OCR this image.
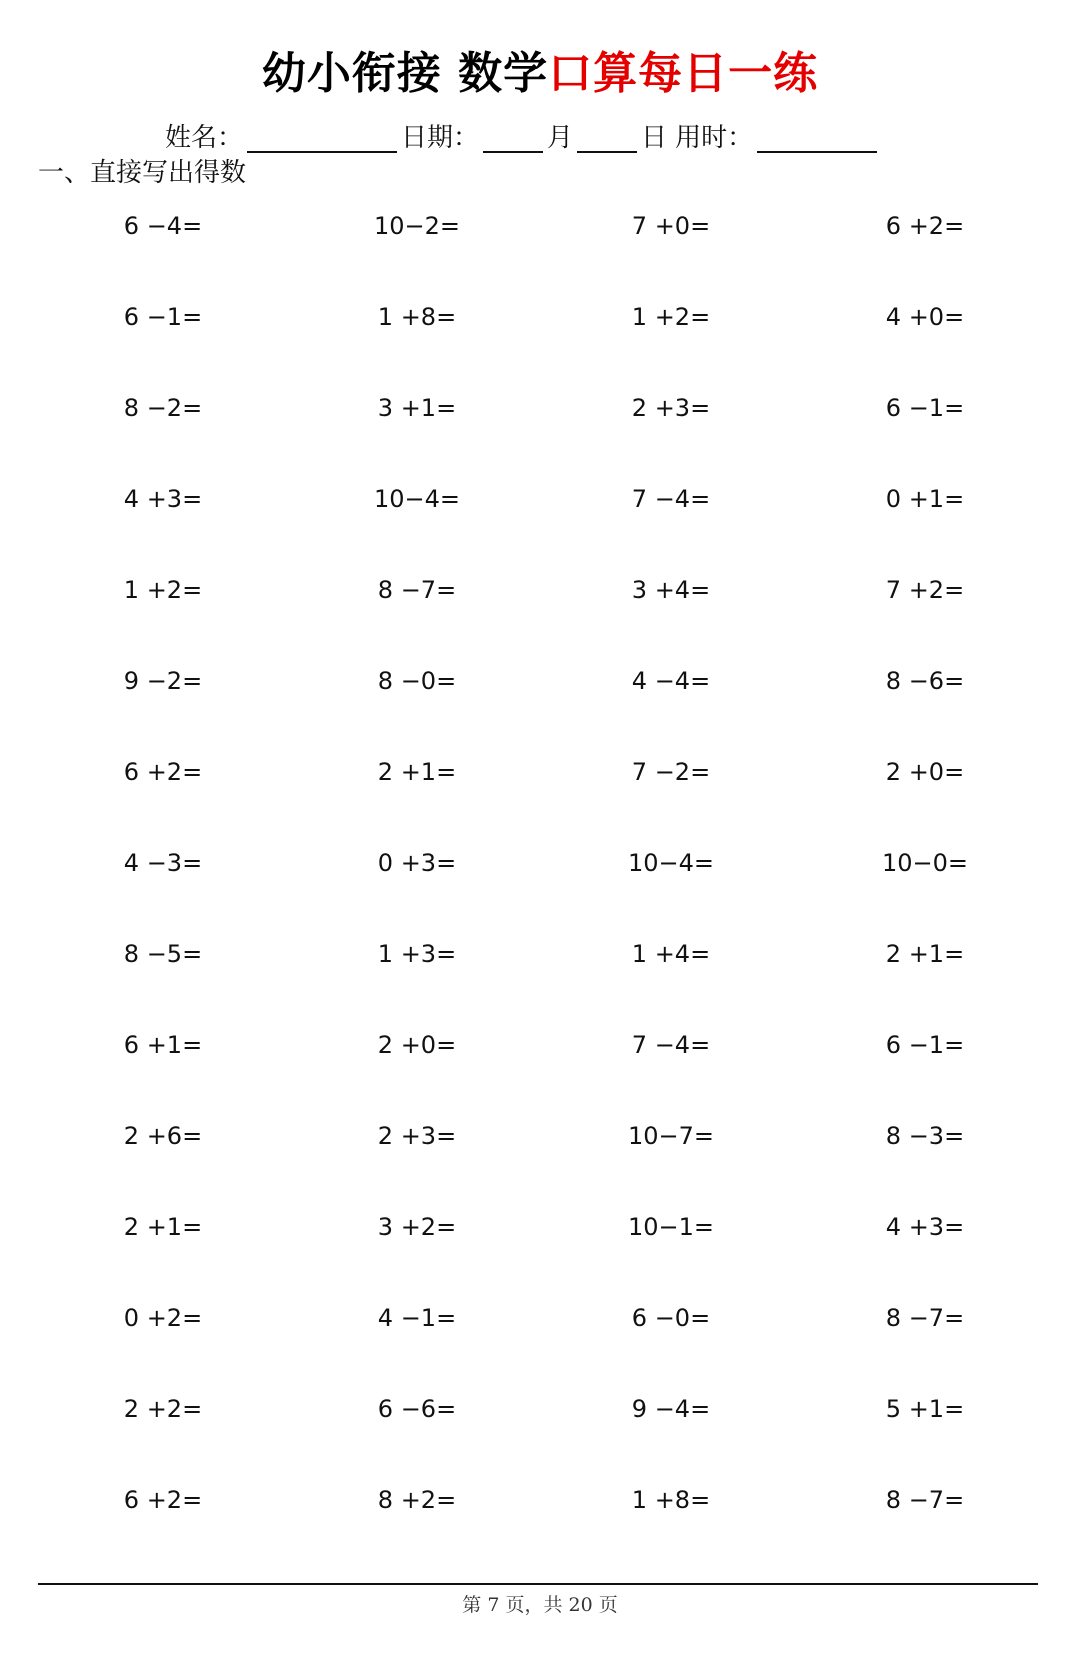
幼小衔接 数学口算每日一练
姓名：	日期：	月	日 用时：
一、直接写出得数
6 −4=	10−2=	7 +0=	6 +2=
6 −1=	1 +8=	1 +2=	4 +0=
8 −2=	3 +1=	2 +3=	6 −1=
4 +3=	10−4=	7 −4=	0 +1=
1 +2=	8 −7=	3 +4=	7 +2=
9 −2=	8 −0=	4 −4=	8 −6=
6 +2=	2 +1=	7 −2=	2 +0=
4 −3=	0 +3=	10−4=	10−0=
8 −5=	1 +3=	1 +4=	2 +1=
6 +1=	2 +0=	7 −4=	6 −1=
2 +6=	2 +3=	10−7=	8 −3=
2 +1=	3 +2=	10−1=	4 +3=
0 +2=	4 −1=	6 −0=	8 −7=
2 +2=	6 −6=	9 −4=	5 +1=
6 +2=	8 +2=	1 +8=	8 −7=
第 7 页，共 20 页
